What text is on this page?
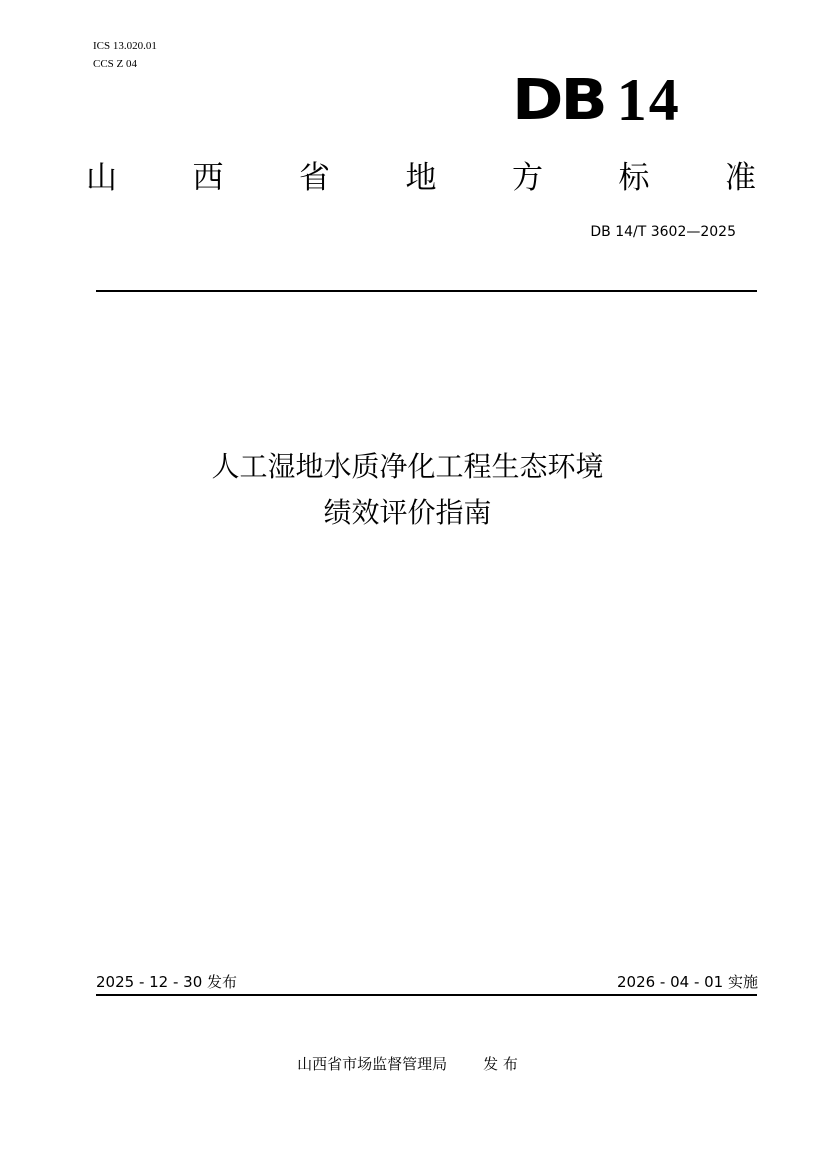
ICS 13.020.01
CCS Z 04
DB 14
山 西 省 地 方 标 准
DB 14/T 3602—2025
人工湿地水质净化工程生态环境
绩效评价指南
2025 - 12 - 30 发布	2026 - 04 - 01 实施
山西省市场监督管理局 发 布
